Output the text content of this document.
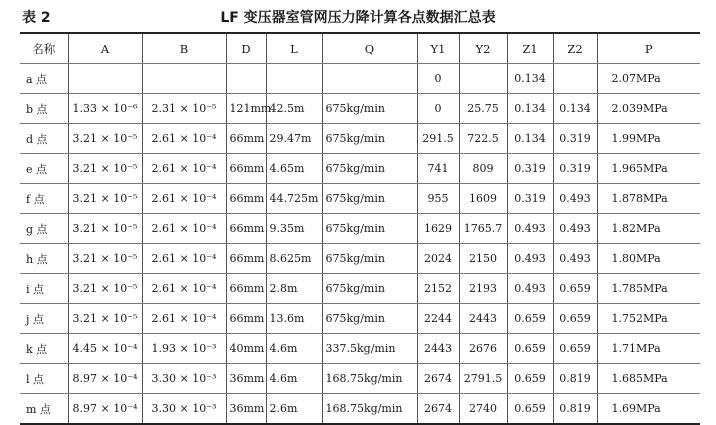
表 2	LF 变压器室管网压力降计算各点数据汇总表
名称	A	B	D	L	Q	Y1	Y2	Z1	Z2	P
a 点						0		0.134		2.07MPa
b 点	1.33 × 10⁻⁶	2.31 × 10⁻⁵	121mm	42.5m	675kg/min	0	25.75	0.134	0.134	2.039MPa
d 点	3.21 × 10⁻⁵	2.61 × 10⁻⁴	66mm	29.47m	675kg/min	291.5	722.5	0.134	0.319	1.99MPa
e 点	3.21 × 10⁻⁵	2.61 × 10⁻⁴	66mm	4.65m	675kg/min	741	809	0.319	0.319	1.965MPa
f 点	3.21 × 10⁻⁵	2.61 × 10⁻⁴	66mm	44.725m	675kg/min	955	1609	0.319	0.493	1.878MPa
g 点	3.21 × 10⁻⁵	2.61 × 10⁻⁴	66mm	9.35m	675kg/min	1629	1765.7	0.493	0.493	1.82MPa
h 点	3.21 × 10⁻⁵	2.61 × 10⁻⁴	66mm	8.625m	675kg/min	2024	2150	0.493	0.493	1.80MPa
i 点	3.21 × 10⁻⁵	2.61 × 10⁻⁴	66mm	2.8m	675kg/min	2152	2193	0.493	0.659	1.785MPa
j 点	3.21 × 10⁻⁵	2.61 × 10⁻⁴	66mm	13.6m	675kg/min	2244	2443	0.659	0.659	1.752MPa
k 点	4.45 × 10⁻⁴	1.93 × 10⁻³	40mm	4.6m	337.5kg/min	2443	2676	0.659	0.659	1.71MPa
l 点	8.97 × 10⁻⁴	3.30 × 10⁻³	36mm	4.6m	168.75kg/min	2674	2791.5	0.659	0.819	1.685MPa
m 点	8.97 × 10⁻⁴	3.30 × 10⁻³	36mm	2.6m	168.75kg/min	2674	2740	0.659	0.819	1.69MPa
